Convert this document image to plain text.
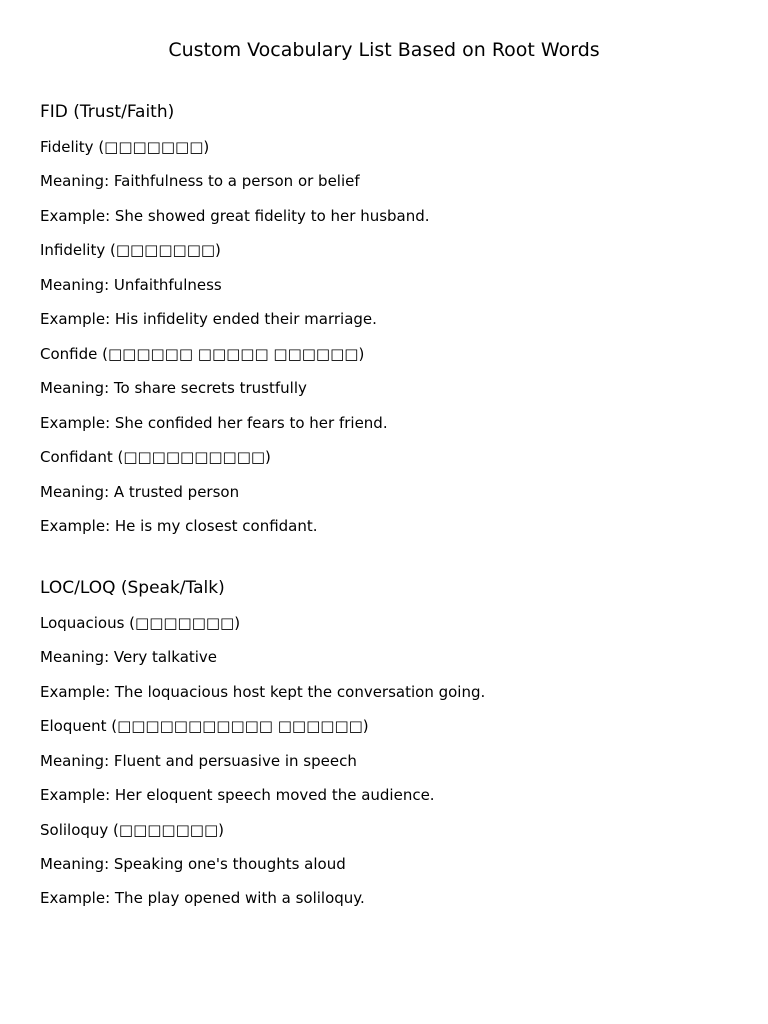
Custom Vocabulary List Based on Root Words
FID (Trust/Faith)

Fidelity (□□□□□□□)

Meaning: Faithfulness to a person or belief

Example: She showed great fidelity to her husband.

Infidelity (□□□□□□□)

Meaning: Unfaithfulness

Example: His infidelity ended their marriage.

Confide (□□□□□□ □□□□□ □□□□□□)

Meaning: To share secrets trustfully

Example: She confided her fears to her friend.

Confidant (□□□□□□□□□□)

Meaning: A trusted person

Example: He is my closest confidant.

LOC/LOQ (Speak/Talk)

Loquacious (□□□□□□□)

Meaning: Very talkative

Example: The loquacious host kept the conversation going.

Eloquent (□□□□□□□□□□□ □□□□□□)

Meaning: Fluent and persuasive in speech

Example: Her eloquent speech moved the audience.

Soliloquy (□□□□□□□)

Meaning: Speaking one's thoughts aloud

Example: The play opened with a soliloquy.
